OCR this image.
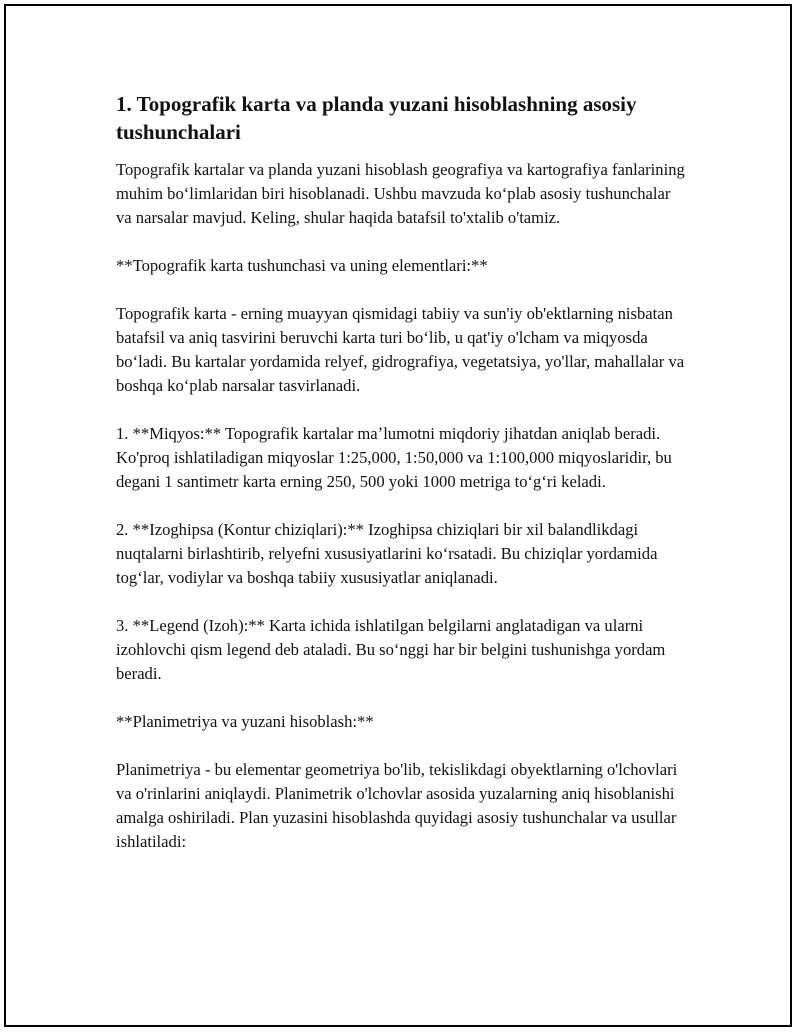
1. Topografik karta va planda yuzani hisoblashning asosiy tushunchalari

Topografik kartalar va planda yuzani hisoblash geografiya va kartografiya fanlarining muhim boʻlimlaridan biri hisoblanadi. Ushbu mavzuda koʻplab asosiy tushunchalar va narsalar mavjud. Keling, shular haqida batafsil to'xtalib o'tamiz.

**Topografik karta tushunchasi va uning elementlari:**

Topografik karta - erning muayyan qismidagi tabiiy va sun'iy ob'ektlarning nisbatan batafsil va aniq tasvirini beruvchi karta turi boʻlib, u qat'iy o'lcham va miqyosda boʻladi. Bu kartalar yordamida relyef, gidrografiya, vegetatsiya, yo'llar, mahallalar va boshqa koʻplab narsalar tasvirlanadi.

1. **Miqyos:** Topografik kartalar maʼlumotni miqdoriy jihatdan aniqlab beradi. Ko'proq ishlatiladigan miqyoslar 1:25,000, 1:50,000 va 1:100,000 miqyoslaridir, bu degani 1 santimetr karta erning 250, 500 yoki 1000 metriga toʻgʻri keladi.

2. **Izoghipsa (Kontur chiziqlari):** Izoghipsa chiziqlari bir xil balandlikdagi nuqtalarni birlashtirib, relyefni xususiyatlarini koʻrsatadi. Bu chiziqlar yordamida togʻlar, vodiylar va boshqa tabiiy xususiyatlar aniqlanadi.

3. **Legend (Izoh):** Karta ichida ishlatilgan belgilarni anglatadigan va ularni izohlovchi qism legend deb ataladi. Bu soʻnggi har bir belgini tushunishga yordam beradi.

**Planimetriya va yuzani hisoblash:**

Planimetriya - bu elementar geometriya bo'lib, tekislikdagi obyektlarning o'lchovlari va o'rinlarini aniqlaydi. Planimetrik o'lchovlar asosida yuzalarning aniq hisoblanishi amalga oshiriladi. Plan yuzasini hisoblashda quyidagi asosiy tushunchalar va usullar ishlatiladi:
